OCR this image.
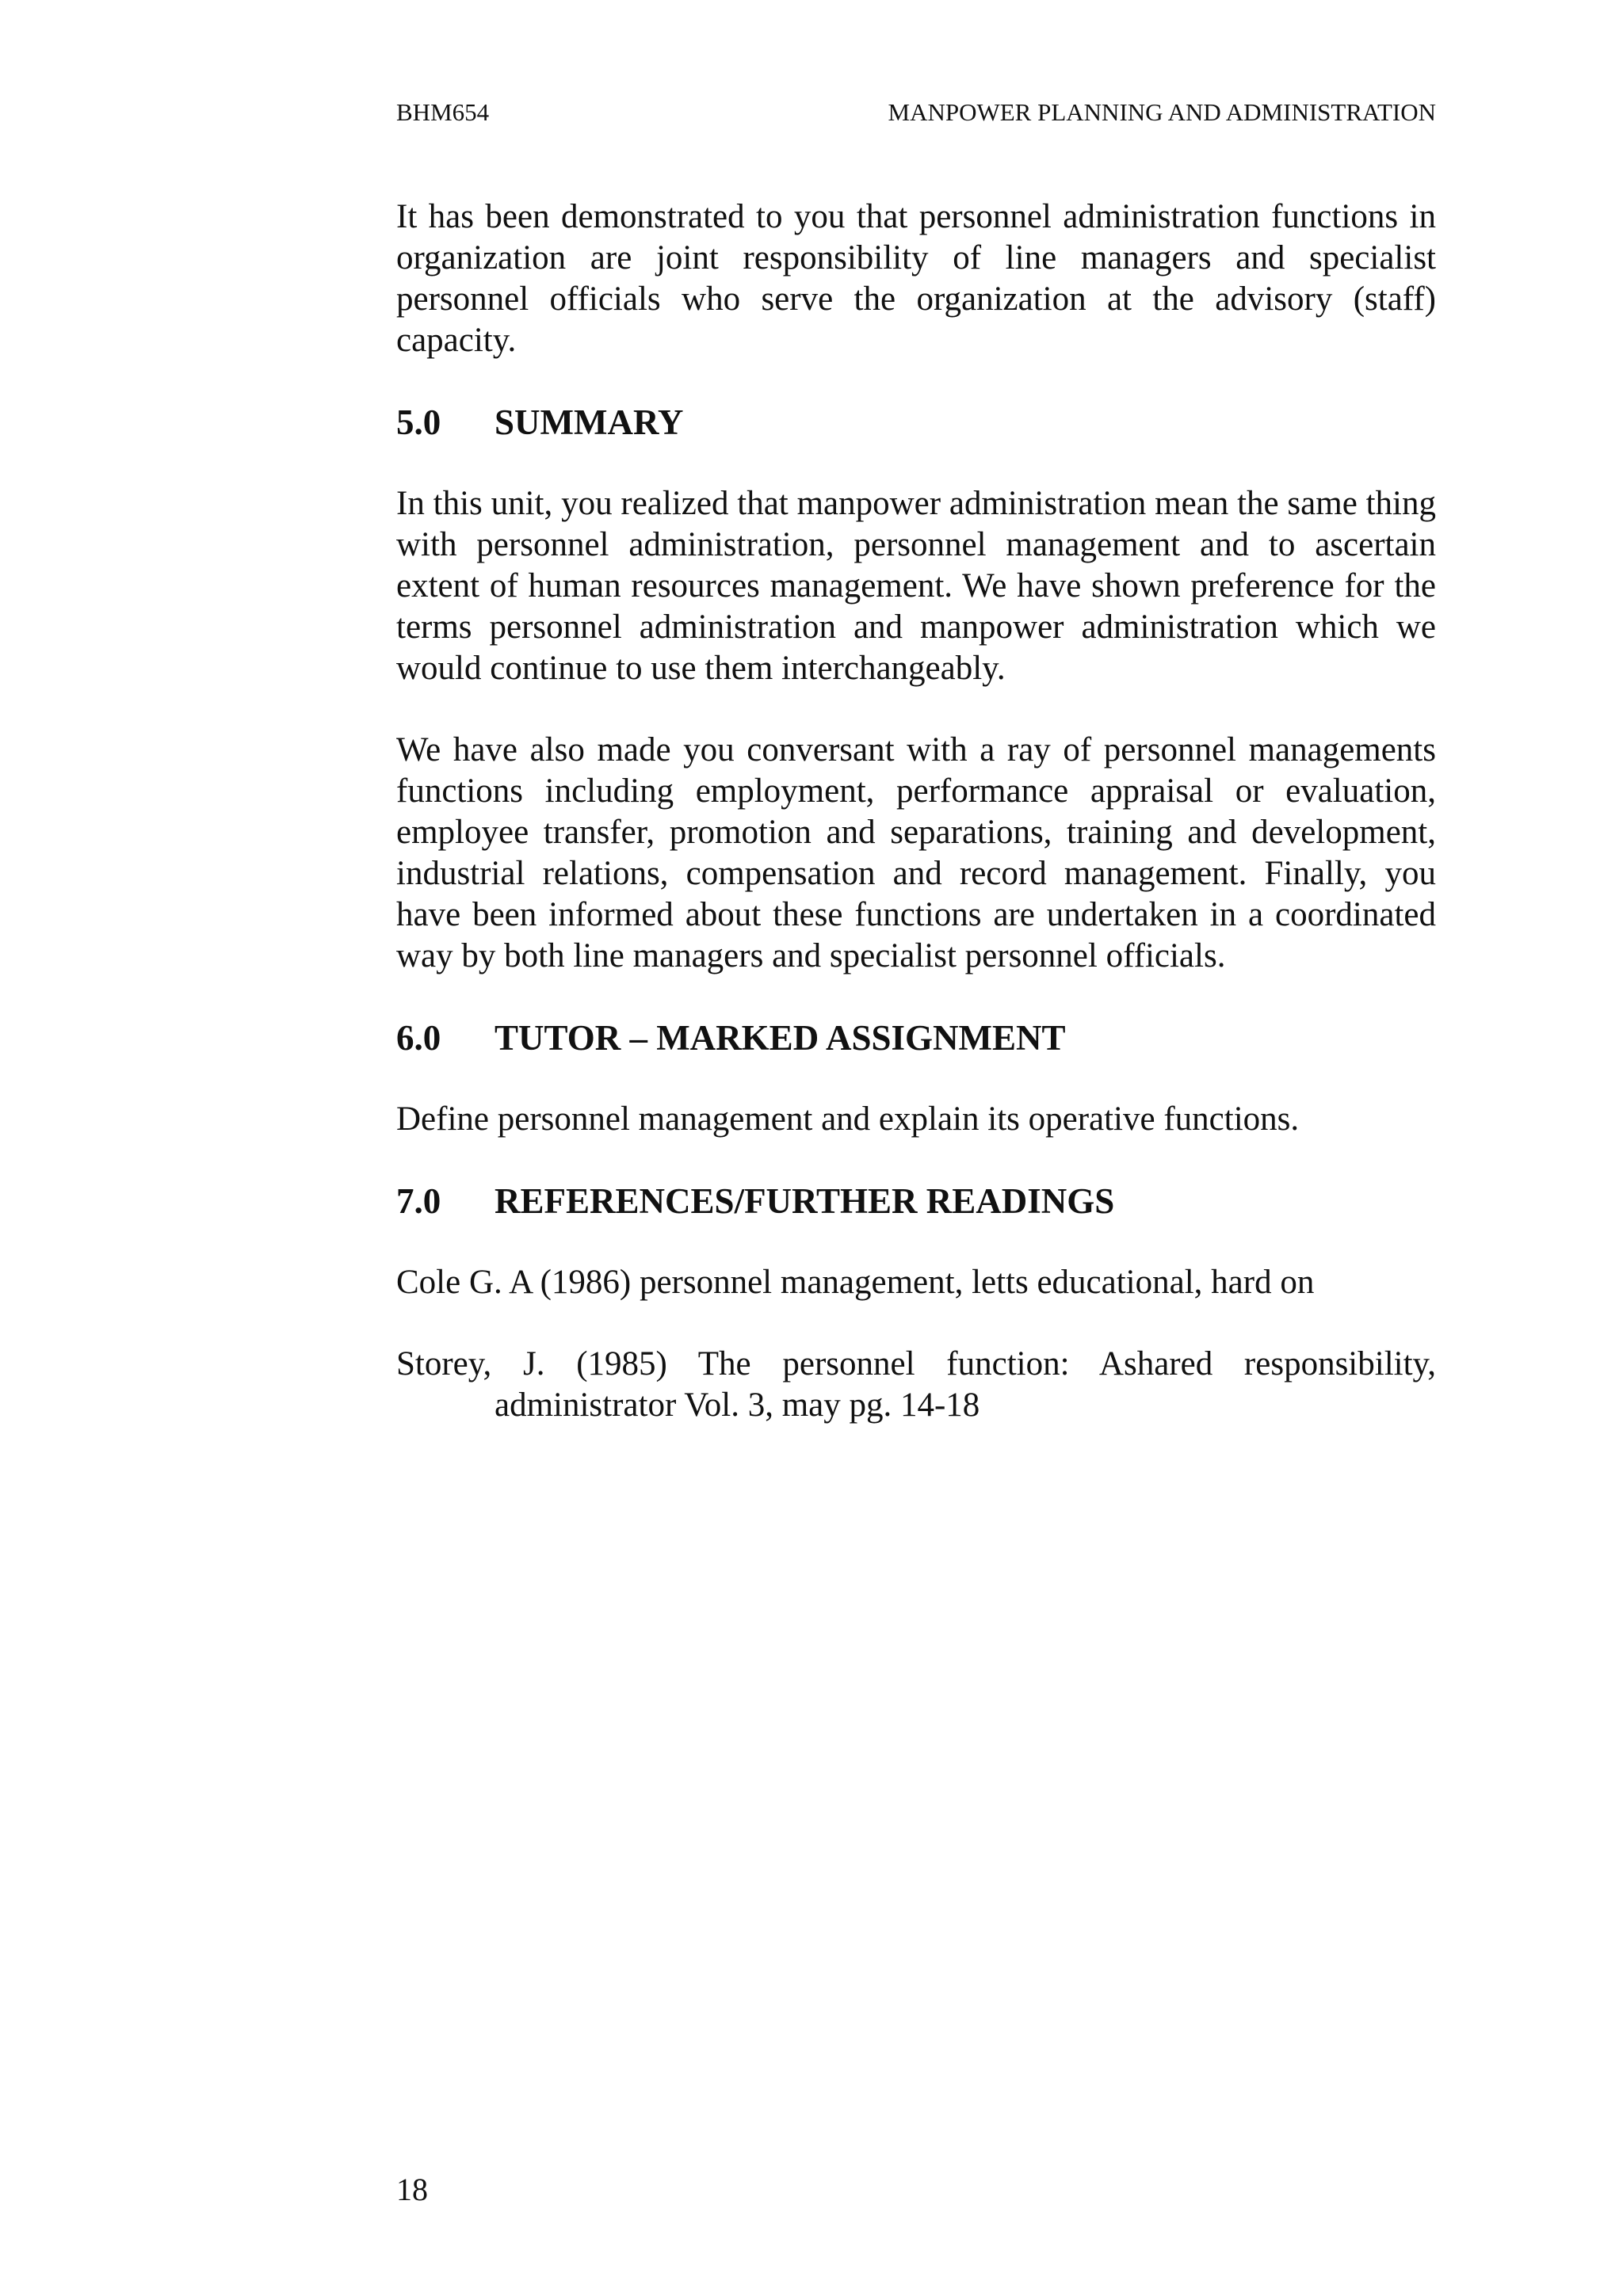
BHM654	MANPOWER PLANNING AND ADMINISTRATION

It has been demonstrated to you that personnel administration functions in organization are joint responsibility of line managers and specialist personnel officials who serve the organization at the advisory (staff) capacity.

5.0	SUMMARY

In this unit, you realized that manpower administration mean the same thing with personnel administration, personnel management and to ascertain extent of human resources management. We have shown preference for the terms personnel administration and manpower administration which we would continue to use them interchangeably.

We have also made you conversant with a ray of personnel managements functions including employment, performance appraisal or evaluation, employee transfer, promotion and separations, training and development, industrial relations, compensation and record management. Finally, you have been informed about these functions are undertaken in a coordinated way by both line managers and specialist personnel officials.

6.0	TUTOR – MARKED ASSIGNMENT

Define personnel management and explain its operative functions.

7.0	REFERENCES/FURTHER READINGS

Cole G. A (1986) personnel management, letts educational, hard on

Storey, J. (1985) The personnel function: Ashared responsibility, administrator Vol. 3, may pg. 14-18

18
